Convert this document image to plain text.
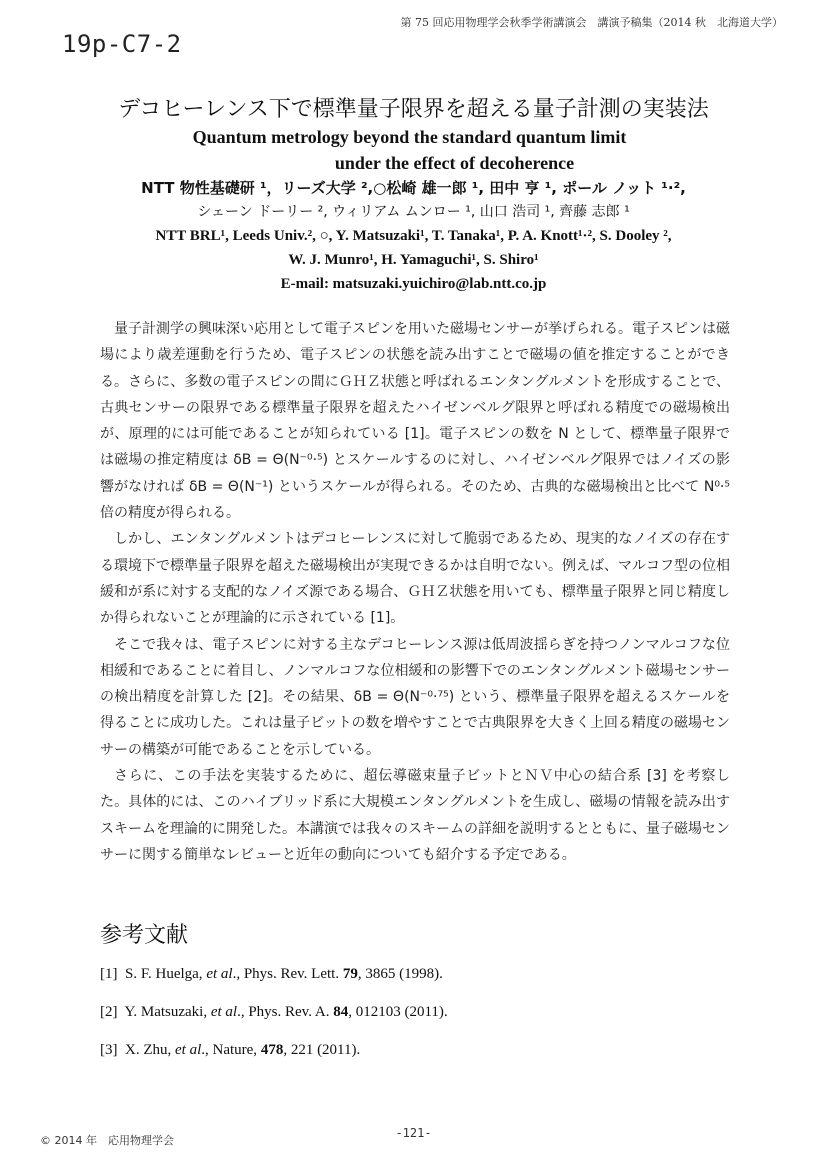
第 75 回応用物理学会秋季学術講演会　講演予稿集（2014 秋　北海道大学）
19p-C7-2
デコヒーレンス下で標準量子限界を超える量子計測の実装法
Quantum metrology beyond the standard quantum limit
under the effect of decoherence
NTT 物性基礎研 ¹，リーズ大学 ²,○松崎 雄一郎 ¹, 田中 亨 ¹, ポール ノット ¹·²,
シェーン ドーリー ², ウィリアム ムンロー ¹, 山口 浩司 ¹, 齊藤 志郎 ¹
NTT BRL¹, Leeds Univ.², ○, Y. Matsuzaki¹, T. Tanaka¹, P. A. Knott¹·², S. Dooley ²,
W. J. Munro¹, H. Yamaguchi¹, S. Shiro¹
E-mail: matsuzaki.yuichiro@lab.ntt.co.jp

量子計測学の興味深い応用として電子スピンを用いた磁場センサーが挙げられる。電子スピンは磁場により歳差運動を行うため、電子スピンの状態を読み出すことで磁場の値を推定することができる。さらに、多数の電子スピンの間にＧＨＺ状態と呼ばれるエンタングルメントを形成することで、古典センサーの限界である標準量子限界を超えたハイゼンベルグ限界と呼ばれる精度での磁場検出が、原理的には可能であることが知られている [1]。電子スピンの数を N として、標準量子限界では磁場の推定精度は δB = Θ(N⁻⁰·⁵) とスケールするのに対し、ハイゼンベルグ限界ではノイズの影響がなければ δB = Θ(N⁻¹) というスケールが得られる。そのため、古典的な磁場検出と比べて N⁰·⁵ 倍の精度が得られる。

しかし、エンタングルメントはデコヒーレンスに対して脆弱であるため、現実的なノイズの存在する環境下で標準量子限界を超えた磁場検出が実現できるかは自明でない。例えば、マルコフ型の位相緩和が系に対する支配的なノイズ源である場合、ＧＨＺ状態を用いても、標準量子限界と同じ精度しか得られないことが理論的に示されている [1]。

そこで我々は、電子スピンに対する主なデコヒーレンス源は低周波揺らぎを持つノンマルコフな位相緩和であることに着目し、ノンマルコフな位相緩和の影響下でのエンタングルメント磁場センサーの検出精度を計算した [2]。その結果、δB = Θ(N⁻⁰·⁷⁵) という、標準量子限界を超えるスケールを得ることに成功した。これは量子ビットの数を増やすことで古典限界を大きく上回る精度の磁場センサーの構築が可能であることを示している。

さらに、この手法を実装するために、超伝導磁束量子ビットとＮＶ中心の結合系 [3] を考察した。具体的には、このハイブリッド系に大規模エンタングルメントを生成し、磁場の情報を読み出すスキームを理論的に開発した。本講演では我々のスキームの詳細を説明するとともに、量子磁場センサーに関する簡単なレビューと近年の動向についても紹介する予定である。

参考文献
[1] S. F. Huelga, et al., Phys. Rev. Lett. 79, 3865 (1998).
[2] Y. Matsuzaki, et al., Phys. Rev. A. 84, 012103 (2011).
[3] X. Zhu, et al., Nature, 478, 221 (2011).
© 2014 年　応用物理学会
-121-
